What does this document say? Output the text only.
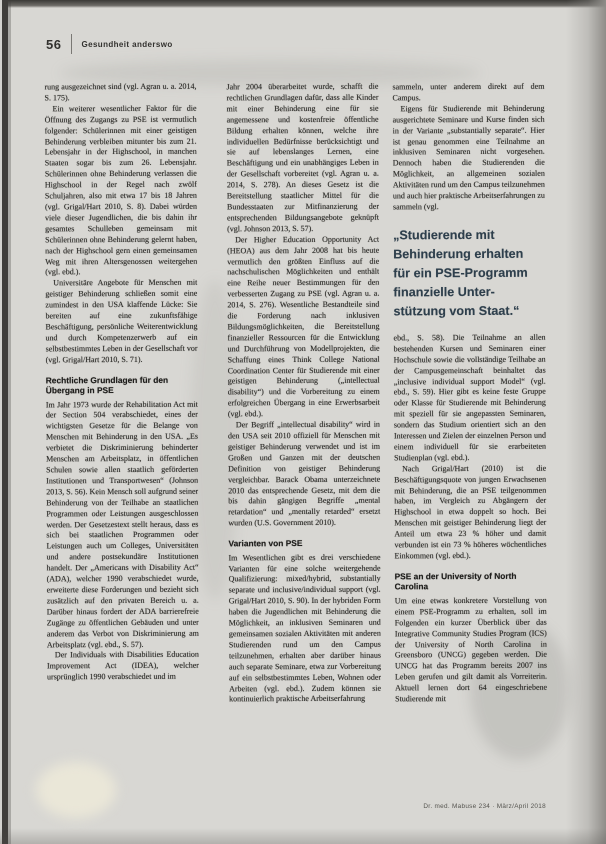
56	Gesundheit anderswo

rung ausgezeichnet sind (vgl. Agran u. a. 2014, S. 175).

Ein weiterer wesentlicher Faktor für die Öffnung des Zugangs zu PSE ist vermutlich folgender: Schülerinnen mit einer geistigen Behinderung verbleiben mitunter bis zum 21. Lebensjahr in der Highschool, in manchen Staaten sogar bis zum 26. Lebensjahr. Schülerinnen ohne Behinderung verlassen die Highschool in der Regel nach zwölf Schuljahren, also mit etwa 17 bis 18 Jahren (vgl. Grigal/Hart 2010, S. 8). Dabei würden viele dieser Jugendlichen, die bis dahin ihr gesamtes Schulleben gemeinsam mit Schülerinnen ohne Behinderung gelernt haben, nach der Highschool gern einen gemeinsamen Weg mit ihren Altersgenossen weitergehen (vgl. ebd.).

Universitäre Angebote für Menschen mit geistiger Behinderung schließen somit eine zumindest in den USA klaffende Lücke: Sie bereiten auf eine zukunftsfähige Beschäftigung, persönliche Weiterentwicklung und durch Kompetenzerwerb auf ein selbstbestimmtes Leben in der Gesellschaft vor (vgl. Grigal/Hart 2010, S. 71).

Rechtliche Grundlagen für den Übergang in PSE

Im Jahr 1973 wurde der Rehabilitation Act mit der Section 504 verabschiedet, eines der wichtigsten Gesetze für die Belange von Menschen mit Behinderung in den USA. „Es verbietet die Diskriminierung behinderter Menschen am Arbeitsplatz, in öffentlichen Schulen sowie allen staatlich geförderten Institutionen und Transportwesen“ (Johnson 2013, S. 56). Kein Mensch soll aufgrund seiner Behinderung von der Teilhabe an staatlichen Programmen oder Leistungen ausgeschlossen werden. Der Gesetzestext stellt heraus, dass es sich bei staatlichen Programmen oder Leistungen auch um Colleges, Universitäten und andere postsekundäre Institutionen handelt. Der „Americans with Disability Act“ (ADA), welcher 1990 verabschiedet wurde, erweiterte diese Forderungen und bezieht sich zusätzlich auf den privaten Bereich u. a. Darüber hinaus fordert der ADA barrierefreie Zugänge zu öffentlichen Gebäuden und unter anderem das Verbot von Diskriminierung am Arbeitsplatz (vgl. ebd., S. 57).

Der Individuals with Disabilities Education Improvement Act (IDEA), welcher ursprünglich 1990 verabschiedet und im

Jahr 2004 überarbeitet wurde, schafft die rechtlichen Grundlagen dafür, dass alle Kinder mit einer Behinderung eine für sie angemessene und kostenfreie öffentliche Bildung erhalten können, welche ihre individuellen Bedürfnisse berücksichtigt und sie auf lebenslanges Lernen, eine Beschäftigung und ein unabhängiges Leben in der Gesellschaft vorbereitet (vgl. Agran u. a. 2014, S. 278). An dieses Gesetz ist die Bereitstellung staatlicher Mittel für die Bundesstaaten zur Mitfinanzierung der entsprechenden Bildungsangebote geknüpft (vgl. Johnson 2013, S. 57).

Der Higher Education Opportunity Act (HEOA) aus dem Jahr 2008 hat bis heute vermutlich den größten Einfluss auf die nachschulischen Möglichkeiten und enthält eine Reihe neuer Bestimmungen für den verbesserten Zugang zu PSE (vgl. Agran u. a. 2014, S. 276). Wesentliche Bestandteile sind die Forderung nach inklusiven Bildungsmöglichkeiten, die Bereitstellung finanzieller Ressourcen für die Entwicklung und Durchführung von Modellprojekten, die Schaffung eines Think College National Coordination Center für Studierende mit einer geistigen Behinderung („intellectual disability“) und die Vorbereitung zu einem erfolgreichen Übergang in eine Erwerbsarbeit (vgl. ebd.).

Der Begriff „intellectual disability“ wird in den USA seit 2010 offiziell für Menschen mit geistiger Behinderung verwendet und ist im Großen und Ganzen mit der deutschen Definition von geistiger Behinderung vergleichbar. Barack Obama unterzeichnete 2010 das entsprechende Gesetz, mit dem die bis dahin gängigen Begriffe „mental retardation“ und „mentally retarded“ ersetzt wurden (U.S. Government 2010).

Varianten von PSE

Im Wesentlichen gibt es drei verschiedene Varianten für eine solche weitergehende Qualifizierung: mixed/hybrid, substantially separate und inclusive/individual support (vgl. Grigal/Hart 2010, S. 90). In der hybriden Form haben die Jugendlichen mit Behinderung die Möglichkeit, an inklusiven Seminaren und gemeinsamen sozialen Aktivitäten mit anderen Studierenden rund um den Campus teilzunehmen, erhalten aber darüber hinaus auch separate Seminare, etwa zur Vorbereitung auf ein selbstbestimmtes Leben, Wohnen oder Arbeiten (vgl. ebd.). Zudem können sie kontinuierlich praktische Arbeitserfahrung

sammeln, unter anderem direkt auf dem Campus.

Eigens für Studierende mit Behinderung ausgerichtete Seminare und Kurse finden sich in der Variante „substantially separate“. Hier ist genau genommen eine Teilnahme an inklusiven Seminaren nicht vorgesehen. Dennoch haben die Studierenden die Möglichkeit, an allgemeinen sozialen Aktivitäten rund um den Campus teilzunehmen und auch hier praktische Arbeitserfahrungen zu sammeln (vgl.

„Studierende mit
Behinderung erhalten
für ein PSE-Programm
finanzielle Unter-
stützung vom Staat.“

ebd., S. 58). Die Teilnahme an allen bestehenden Kursen und Seminaren einer Hochschule sowie die vollständige Teilhabe an der Campusgemeinschaft beinhaltet das „inclusive individual support Model“ (vgl. ebd., S. 59). Hier gibt es keine feste Gruppe oder Klasse für Studierende mit Behinderung mit speziell für sie angepassten Seminaren, sondern das Studium orientiert sich an den Interessen und Zielen der einzelnen Person und einem individuell für sie erarbeiteten Studienplan (vgl. ebd.).

Nach Grigal/Hart (2010) ist die Beschäftigungsquote von jungen Erwachsenen mit Behinderung, die an PSE teilgenommen haben, im Vergleich zu Abgängern der Highschool in etwa doppelt so hoch. Bei Menschen mit geistiger Behinderung liegt der Anteil um etwa 23 % höher und damit verbunden ist ein 73 % höheres wöchentliches Einkommen (vgl. ebd.).

PSE an der University of North Carolina

Um eine etwas konkretere Vorstellung von einem PSE-Programm zu erhalten, soll im Folgenden ein kurzer Überblick über das Integrative Community Studies Program (ICS) der University of North Carolina in Greensboro (UNCG) gegeben werden. Die UNCG hat das Programm bereits 2007 ins Leben gerufen und gilt damit als Vorreiterin. Aktuell lernen dort 64 eingeschriebene Studierende mit

Dr. med. Mabuse 234 · März/April 2018
